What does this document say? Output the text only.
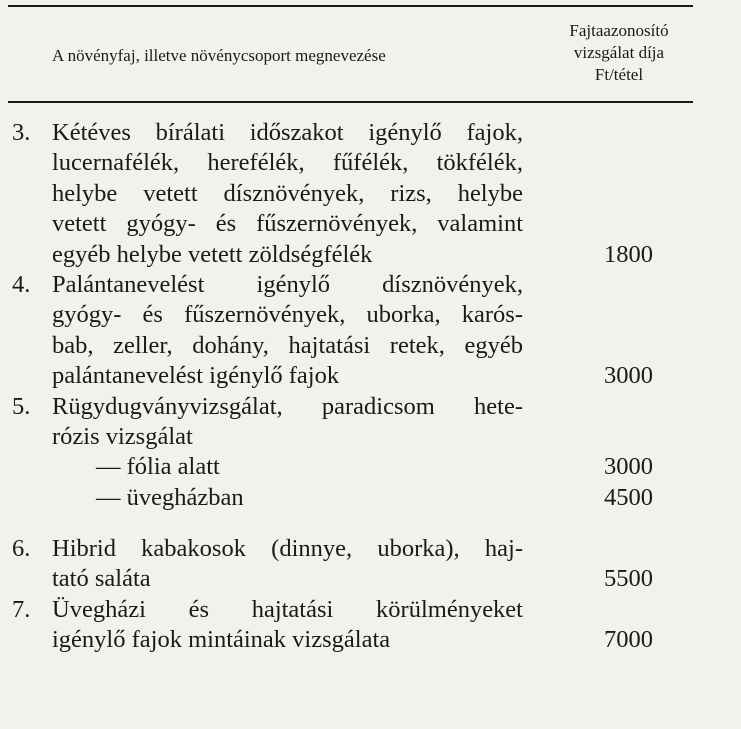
A növényfaj, illetve növénycsoport megnevezése
Fajtaazonosító
vizsgálat díja
Ft/tétel
3. Kétéves bírálati időszakot igénylő fajok,
lucernafélék, herefélék, fűfélék, tökfélék,
helybe vetett dísznövények, rizs, helybe
vetett gyógy- és fűszernövények, valamint
egyéb helybe vetett zöldségfélék	1800
4. Palántanevelést igénylő dísznövények,
gyógy- és fűszernövények, uborka, karós-
bab, zeller, dohány, hajtatási retek, egyéb
palántanevelést igénylő fajok	3000
5. Rügydugványvizsgálat, paradicsom hete-
rózis vizsgálat
— fólia alatt	3000
— üvegházban	4500
6. Hibrid kabakosok (dinnye, uborka), haj-
tató saláta	5500
7. Üvegházi és hajtatási körülményeket
igénylő fajok mintáinak vizsgálata	7000
